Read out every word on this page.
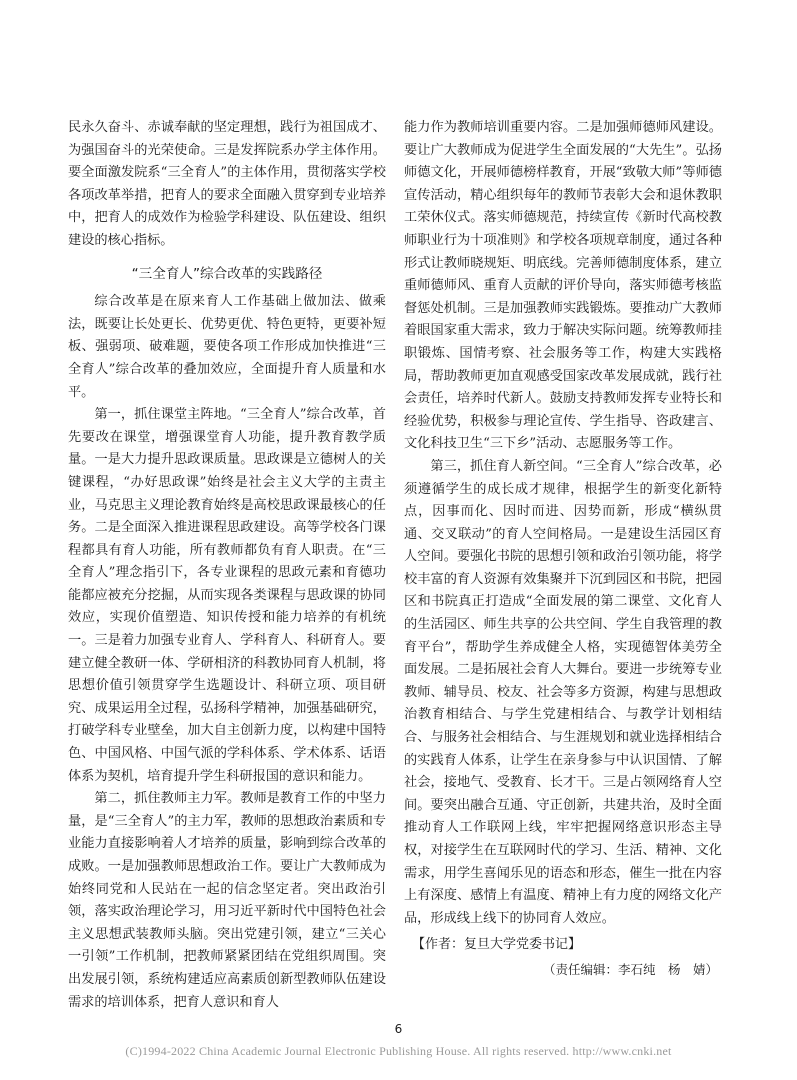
民永久奋斗、赤诚奉献的坚定理想，践行为祖国成才、为强国奋斗的光荣使命。三是发挥院系办学主体作用。要全面激发院系“三全育人”的主体作用，贯彻落实学校各项改革举措，把育人的要求全面融入贯穿到专业培养中，把育人的成效作为检验学科建设、队伍建设、组织建设的核心指标。

“三全育人”综合改革的实践路径

综合改革是在原来育人工作基础上做加法、做乘法，既要让长处更长、优势更优、特色更特，更要补短板、强弱项、破难题，要使各项工作形成加快推进“三全育人”综合改革的叠加效应，全面提升育人质量和水平。

第一，抓住课堂主阵地。“三全育人”综合改革，首先要改在课堂，增强课堂育人功能，提升教育教学质量。一是大力提升思政课质量。思政课是立德树人的关键课程，“办好思政课”始终是社会主义大学的主责主业，马克思主义理论教育始终是高校思政课最核心的任务。二是全面深入推进课程思政建设。高等学校各门课程都具有育人功能，所有教师都负有育人职责。在“三全育人”理念指引下，各专业课程的思政元素和育德功能都应被充分挖掘，从而实现各类课程与思政课的协同效应，实现价值塑造、知识传授和能力培养的有机统一。三是着力加强专业育人、学科育人、科研育人。要建立健全教研一体、学研相济的科教协同育人机制，将思想价值引领贯穿学生选题设计、科研立项、项目研究、成果运用全过程，弘扬科学精神，加强基础研究，打破学科专业壁垒，加大自主创新力度，以构建中国特色、中国风格、中国气派的学科体系、学术体系、话语体系为契机，培育提升学生科研报国的意识和能力。

第二，抓住教师主力军。教师是教育工作的中坚力量，是“三全育人”的主力军，教师的思想政治素质和专业能力直接影响着人才培养的质量，影响到综合改革的成败。一是加强教师思想政治工作。要让广大教师成为始终同党和人民站在一起的信念坚定者。突出政治引领，落实政治理论学习，用习近平新时代中国特色社会主义思想武装教师头脑。突出党建引领，建立“三关心一引领”工作机制，把教师紧紧团结在党组织周围。突出发展引领，系统构建适应高素质创新型教师队伍建设需求的培训体系，把育人意识和育人

能力作为教师培训重要内容。二是加强师德师风建设。要让广大教师成为促进学生全面发展的“大先生”。弘扬师德文化，开展师德榜样教育，开展“致敬大师”等师德宣传活动，精心组织每年的教师节表彰大会和退休教职工荣休仪式。落实师德规范，持续宣传《新时代高校教师职业行为十项准则》和学校各项规章制度，通过各种形式让教师晓规矩、明底线。完善师德制度体系，建立重师德师风、重育人贡献的评价导向，落实师德考核监督惩处机制。三是加强教师实践锻炼。要推动广大教师着眼国家重大需求，致力于解决实际问题。统筹教师挂职锻炼、国情考察、社会服务等工作，构建大实践格局，帮助教师更加直观感受国家改革发展成就，践行社会责任，培养时代新人。鼓励支持教师发挥专业特长和经验优势，积极参与理论宣传、学生指导、咨政建言、文化科技卫生“三下乡”活动、志愿服务等工作。

第三，抓住育人新空间。“三全育人”综合改革，必须遵循学生的成长成才规律，根据学生的新变化新特点，因事而化、因时而进、因势而新，形成“横纵贯通、交叉联动”的育人空间格局。一是建设生活园区育人空间。要强化书院的思想引领和政治引领功能，将学校丰富的育人资源有效集聚并下沉到园区和书院，把园区和书院真正打造成“全面发展的第二课堂、文化育人的生活园区、师生共享的公共空间、学生自我管理的教育平台”，帮助学生养成健全人格，实现德智体美劳全面发展。二是拓展社会育人大舞台。要进一步统筹专业教师、辅导员、校友、社会等多方资源，构建与思想政治教育相结合、与学生党建相结合、与教学计划相结合、与服务社会相结合、与生涯规划和就业选择相结合的实践育人体系，让学生在亲身参与中认识国情、了解社会，接地气、受教育、长才干。三是占领网络育人空间。要突出融合互通、守正创新，共建共治，及时全面推动育人工作联网上线，牢牢把握网络意识形态主导权，对接学生在互联网时代的学习、生活、精神、文化需求，用学生喜闻乐见的语态和形态，催生一批在内容上有深度、感情上有温度、精神上有力度的网络文化产品，形成线上线下的协同育人效应。

【作者：复旦大学党委书记】
（责任编辑：李石纯　杨　婧）
6
(C)1994-2022 China Academic Journal Electronic Publishing House. All rights reserved. http://www.cnki.net
